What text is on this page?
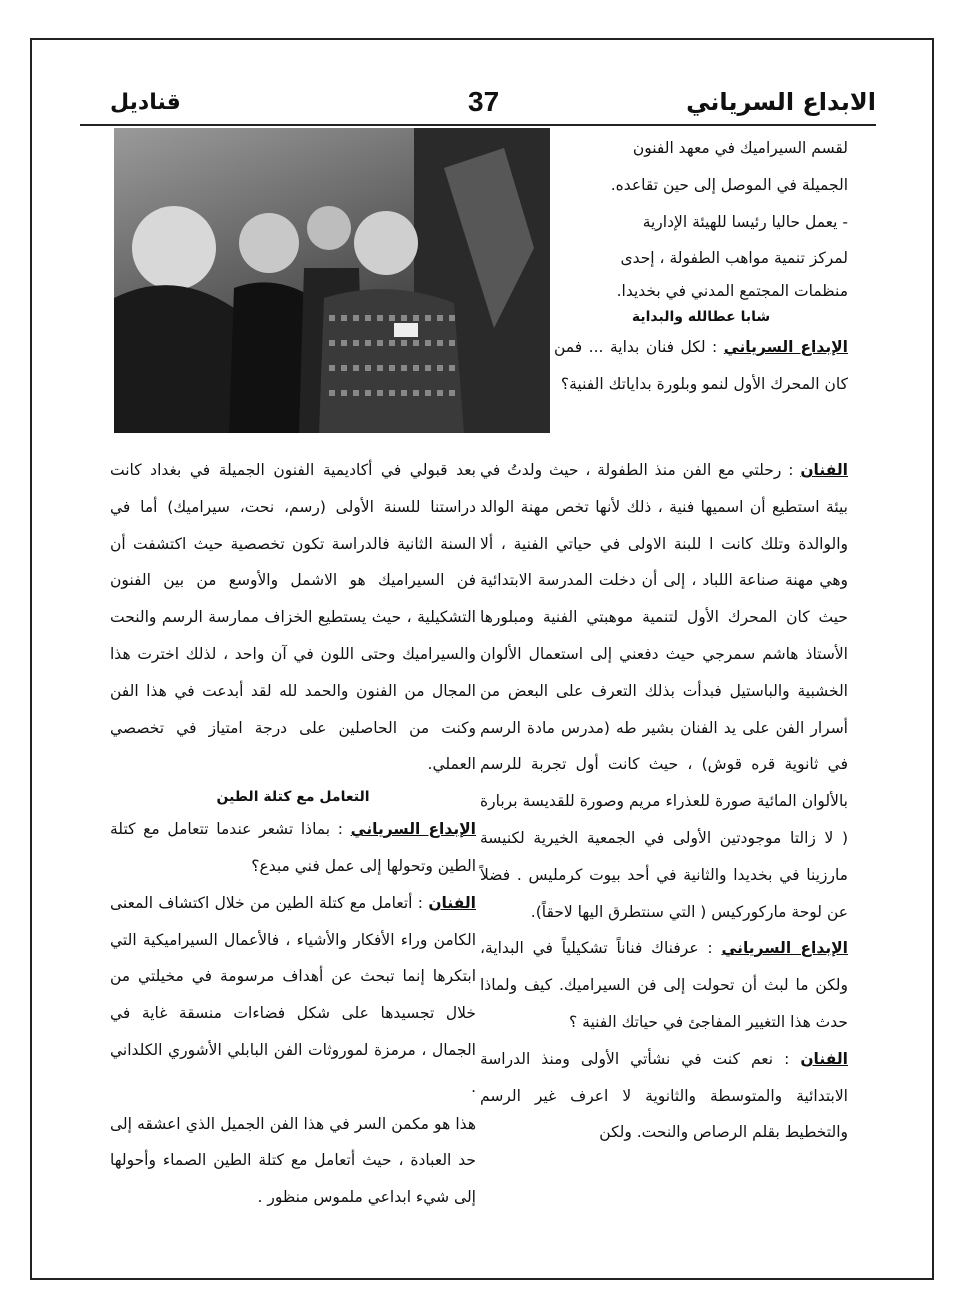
قناديل	37	الابداع السرياني

لقسم السيراميك في معهد الفنون

الجميلة في الموصل إلى حين تقاعده.

- يعمل حاليا رئيسا للهيئة الإدارية

لمركز تنمية مواهب الطفولة ، إحدى

منظمات المجتمع المدني في بخديدا.

شابا عطالله والبداية

الإبداع السرياني : لكل فنان بداية ... فمن كان المحرك الأول لنمو وبلورة بداياتك الفنية؟

الفنان : رحلتي مع الفن منذ الطفولة ، حيث ولدتُ في بيئة استطيع أن اسميها فنية ، ذلك لأنها تخص مهنة الوالد والوالدة وتلك كانت ا للبنة الاولى في حياتي الفنية ، ألا وهي مهنة صناعة اللباد ، إلى أن دخلت المدرسة الابتدائية حيث كان المحرك الأول لتنمية موهبتي الفنية ومبلورها الأستاذ هاشم سمرجي حيث دفعني إلى استعمال الألوان الخشبية والباستيل فبدأت بذلك التعرف على البعض من أسرار الفن على يد الفنان بشير طه (مدرس مادة الرسم في ثانوية قره قوش) ، حيث كانت أول تجربة للرسم بالألوان المائية صورة للعذراء مريم وصورة للقديسة بربارة ( لا زالتا موجودتين الأولى في الجمعية الخيرية لكنيسة مارزينا في بخديدا والثانية في أحد بيوت كرمليس . فضلاً عن لوحة ماركوركيس ( التي سنتطرق اليها لاحقاً).

الإبداع السرياني : عرفناك فناناً تشكيلياً في البداية، ولكن ما لبث أن تحولت إلى فن السيراميك. كيف ولماذا حدث هذا التغيير المفاجئ في حياتك الفنية ؟

الفنان : نعم كنت في نشأتي الأولى ومنذ الدراسة الابتدائية والمتوسطة والثانوية لا اعرف غير الرسم والتخطيط بقلم الرصاص والنحت. ولكن

بعد قبولي في أكاديمية الفنون الجميلة في بغداد كانت دراستنا للسنة الأولى (رسم، نحت، سيراميك) أما في السنة الثانية فالدراسة تكون تخصصية حيث اكتشفت أن فن السيراميك هو الاشمل والأوسع من بين الفنون التشكيلية ، حيث يستطيع الخزاف ممارسة الرسم والنحت والسيراميك وحتى اللون في آن واحد ، لذلك اخترت هذا المجال من الفنون والحمد لله لقد أبدعت في هذا الفن وكنت من الحاصلين على درجة امتياز في تخصصي العملي.

التعامل مع كتلة الطين

الإبداع السرياني : بماذا تشعر عندما تتعامل مع كتلة الطين وتحولها إلى عمل فني مبدع؟

الفنان : أتعامل مع كتلة الطين من خلال اكتشاف المعنى الكامن وراء الأفكار والأشياء ، فالأعمال السيراميكية التي ابتكرها إنما تبحث عن أهداف مرسومة في مخيلتي من خلال تجسيدها على شكل فضاءات منسقة غاية في الجمال ، مرمزة لموروثات الفن البابلي الأشوري الكلداني .

هذا هو مكمن السر في هذا الفن الجميل الذي اعشقه إلى حد العبادة ، حيث أتعامل مع كتلة الطين الصماء وأحولها إلى شيء ابداعي ملموس منظور .
